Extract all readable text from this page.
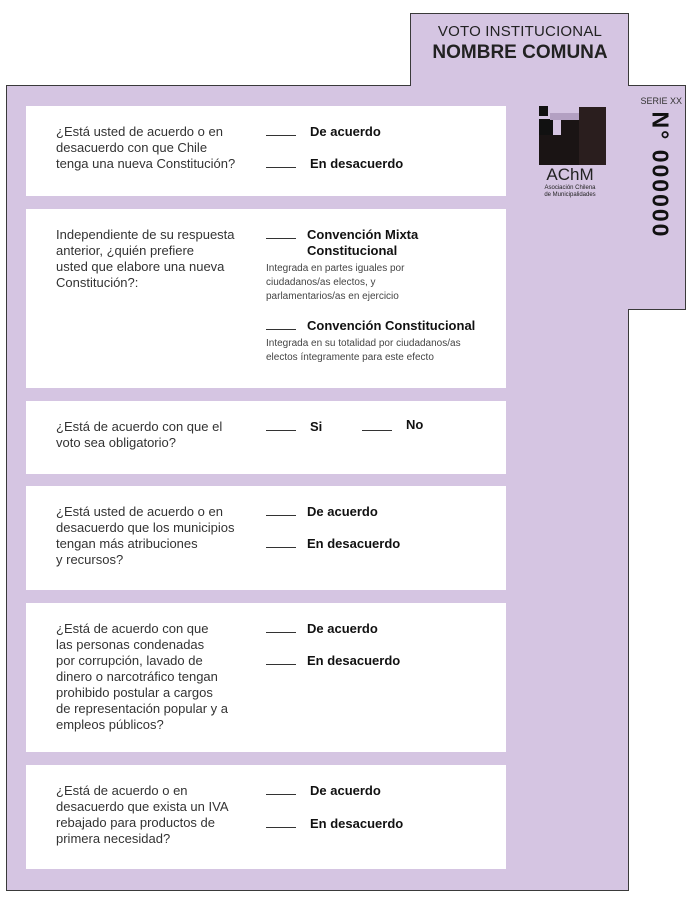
VOTO INSTITUCIONAL
NOMBRE COMUNA
SERIE XX
N° 000000
AChM
Asociación Chilena
de Municipalidades
¿Está usted de acuerdo o en
desacuerdo con que Chile
tenga una nueva Constitución?
De acuerdo
En desacuerdo
Independiente de su respuesta
anterior, ¿quién prefiere
usted que elabore una nueva
Constitución?:
Convención Mixta
Constitucional
Integrada en partes iguales por
ciudadanos/as electos, y
parlamentarios/as en ejercicio
Convención Constitucional
Integrada en su totalidad por ciudadanos/as
electos íntegramente para este efecto
¿Está de acuerdo con que el
voto sea obligatorio?
Si	No
¿Está usted de acuerdo o en
desacuerdo que los municipios
tengan más atribuciones
y recursos?
De acuerdo
En desacuerdo
¿Está de acuerdo con que
las personas condenadas
por corrupción, lavado de
dinero o narcotráfico tengan
prohibido postular a cargos
de representación popular y a
empleos públicos?
De acuerdo
En desacuerdo
¿Está de acuerdo o en
desacuerdo que exista un IVA
rebajado para productos de
primera necesidad?
De acuerdo
En desacuerdo
